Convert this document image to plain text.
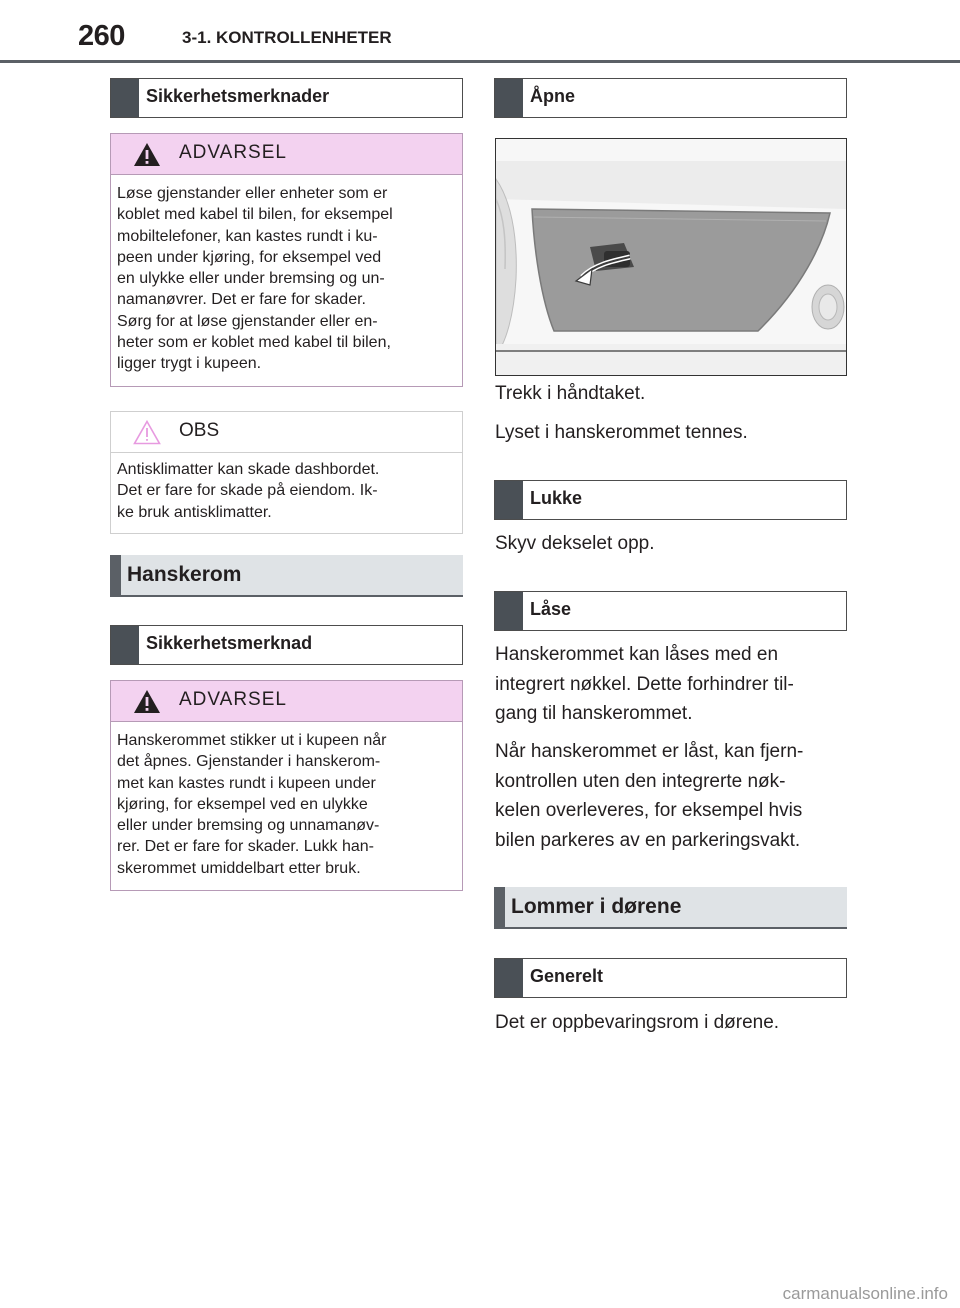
260	3-1. KONTROLLENHETER
Sikkerhetsmerknader
ADVARSEL
Løse gjenstander eller enheter som er
koblet med kabel til bilen, for eksempel
mobiltelefoner, kan kastes rundt i ku-
peen under kjøring, for eksempel ved
en ulykke eller under bremsing og un-
namanøvrer. Det er fare for skader.
Sørg for at løse gjenstander eller en-
heter som er koblet med kabel til bilen,
ligger trygt i kupeen.
OBS
Antisklimatter kan skade dashbordet.
Det er fare for skade på eiendom. Ik-
ke bruk antisklimatter.
Hanskerom
Sikkerhetsmerknad
ADVARSEL
Hanskerommet stikker ut i kupeen når
det åpnes. Gjenstander i hanskerom-
met kan kastes rundt i kupeen under
kjøring, for eksempel ved en ulykke
eller under bremsing og unnamanøv-
rer. Det er fare for skader. Lukk han-
skerommet umiddelbart etter bruk.
Åpne
Trekk i håndtaket.
Lyset i hanskerommet tennes.
Lukke
Skyv dekselet opp.
Låse
Hanskerommet kan låses med en
integrert nøkkel. Dette forhindrer til-
gang til hanskerommet.
Når hanskerommet er låst, kan fjern-
kontrollen uten den integrerte nøk-
kelen overleveres, for eksempel hvis
bilen parkeres av en parkeringsvakt.
Lommer i dørene
Generelt
Det er oppbevaringsrom i dørene.
carmanualsonline.info
